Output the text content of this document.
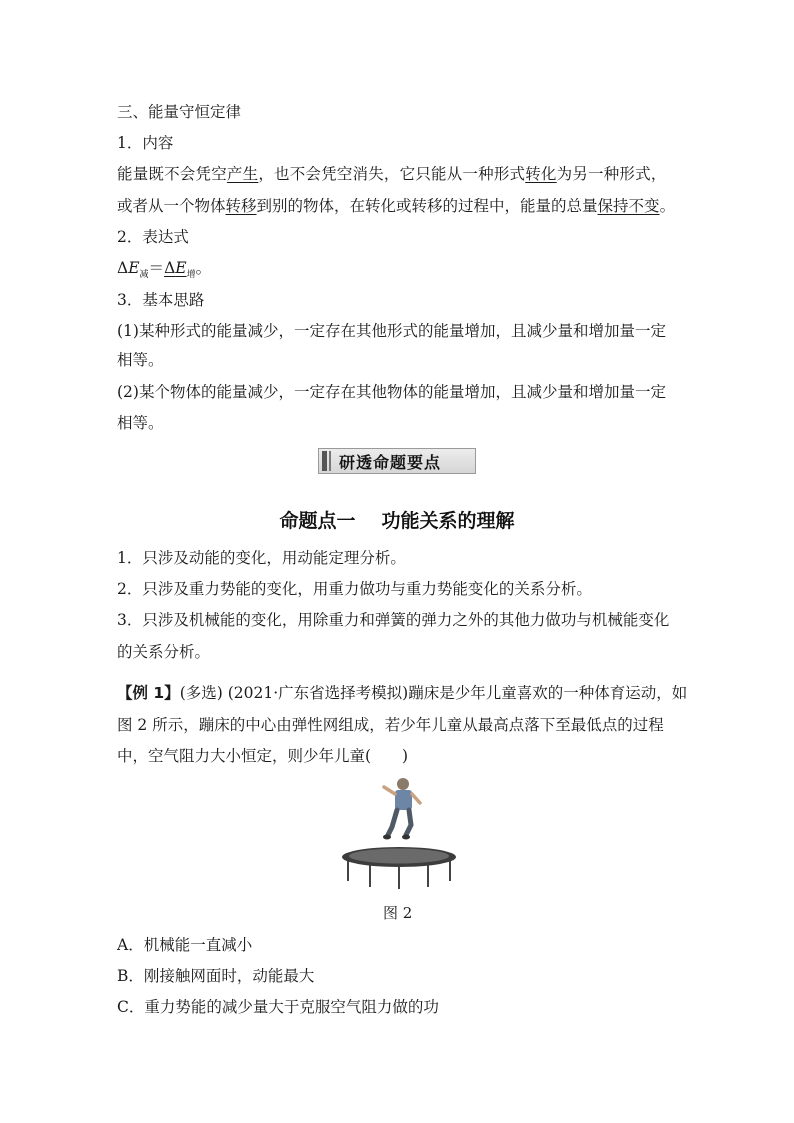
三、能量守恒定律
1．内容
能量既不会凭空产生，也不会凭空消失，它只能从一种形式转化为另一种形式，
或者从一个物体转移到别的物体，在转化或转移的过程中，能量的总量保持不变。
2．表达式
$\Delta E_减=\Delta E_增$。
3．基本思路
(1)某种形式的能量减少，一定存在其他形式的能量增加，且减少量和增加量一定
相等。
(2)某个物体的能量减少，一定存在其他物体的能量增加，且减少量和增加量一定
相等。
研透命题要点
命题点一 功能关系的理解
1．只涉及动能的变化，用动能定理分析。
2．只涉及重力势能的变化，用重力做功与重力势能变化的关系分析。
3．只涉及机械能的变化，用除重力和弹簧的弹力之外的其他力做功与机械能变化
的关系分析。
【例 1】(多选) (2021·广东省选择考模拟)蹦床是少年儿童喜欢的一种体育运动，如
图 2 所示，蹦床的中心由弹性网组成，若少年儿童从最高点落下至最低点的过程
中，空气阻力大小恒定，则少年儿童(　　)
图 2
A．机械能一直减小
B．刚接触网面时，动能最大
C．重力势能的减少量大于克服空气阻力做的功
